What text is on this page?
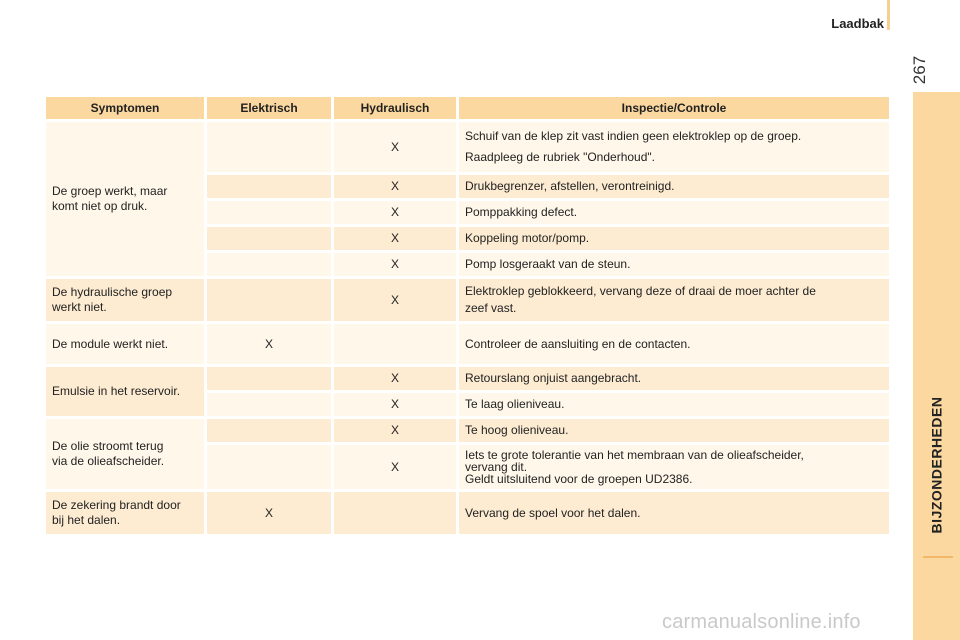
Laadbak
267
BIJZONDERHEDEN
Symptomen	Elektrisch	Hydraulisch	Inspectie/Controle
De groep werkt, maar
komt niet op druk.		X	Schuif van de klep zit vast indien geen elektroklep op de groep.
Raadpleeg de rubriek "Onderhoud".
		X	Drukbegrenzer, afstellen, verontreinigd.
		X	Pomppakking defect.
		X	Koppeling motor/pomp.
		X	Pomp losgeraakt van de steun.
De hydraulische groep
werkt niet.		X	Elektroklep geblokkeerd, vervang deze of draai de moer achter de
zeef vast.
De module werkt niet.	X		Controleer de aansluiting en de contacten.
Emulsie in het reservoir.		X	Retourslang onjuist aangebracht.
		X	Te laag olieniveau.
De olie stroomt terug
via de olieafscheider.		X	Te hoog olieniveau.
		X	Iets te grote tolerantie van het membraan van de olieafscheider,
vervang dit.
Geldt uitsluitend voor de groepen UD2386.
De zekering brandt door
bij het dalen.	X		Vervang de spoel voor het dalen.
carmanualsonline.info
